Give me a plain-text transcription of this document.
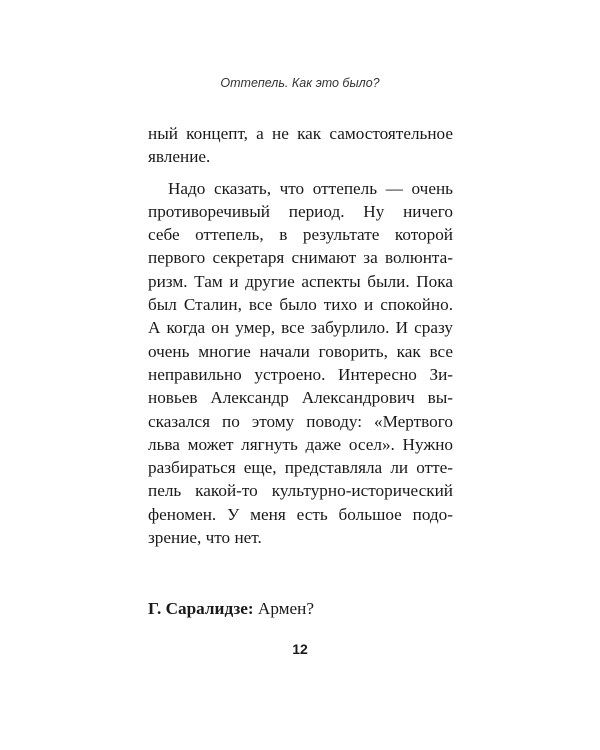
Оттепель. Как это было?
ный концепт, а не как самостоятельное
явление.
Надо сказать, что оттепель — очень
противоречивый период. Ну ничего
себе оттепель, в результате которой
первого секретаря снимают за волюнта-
ризм. Там и другие аспекты были. Пока
был Сталин, все было тихо и спокойно.
А когда он умер, все забурлило. И сразу
очень многие начали говорить, как все
неправильно устроено. Интересно Зи-
новьев Александр Александрович вы-
сказался по этому поводу: «Мертвого
льва может лягнуть даже осел». Нужно
разбираться еще, представляла ли отте-
пель какой-то культурно-исторический
феномен. У меня есть большое подо-
зрение, что нет.
Г. Саралидзе: Армен?
12
